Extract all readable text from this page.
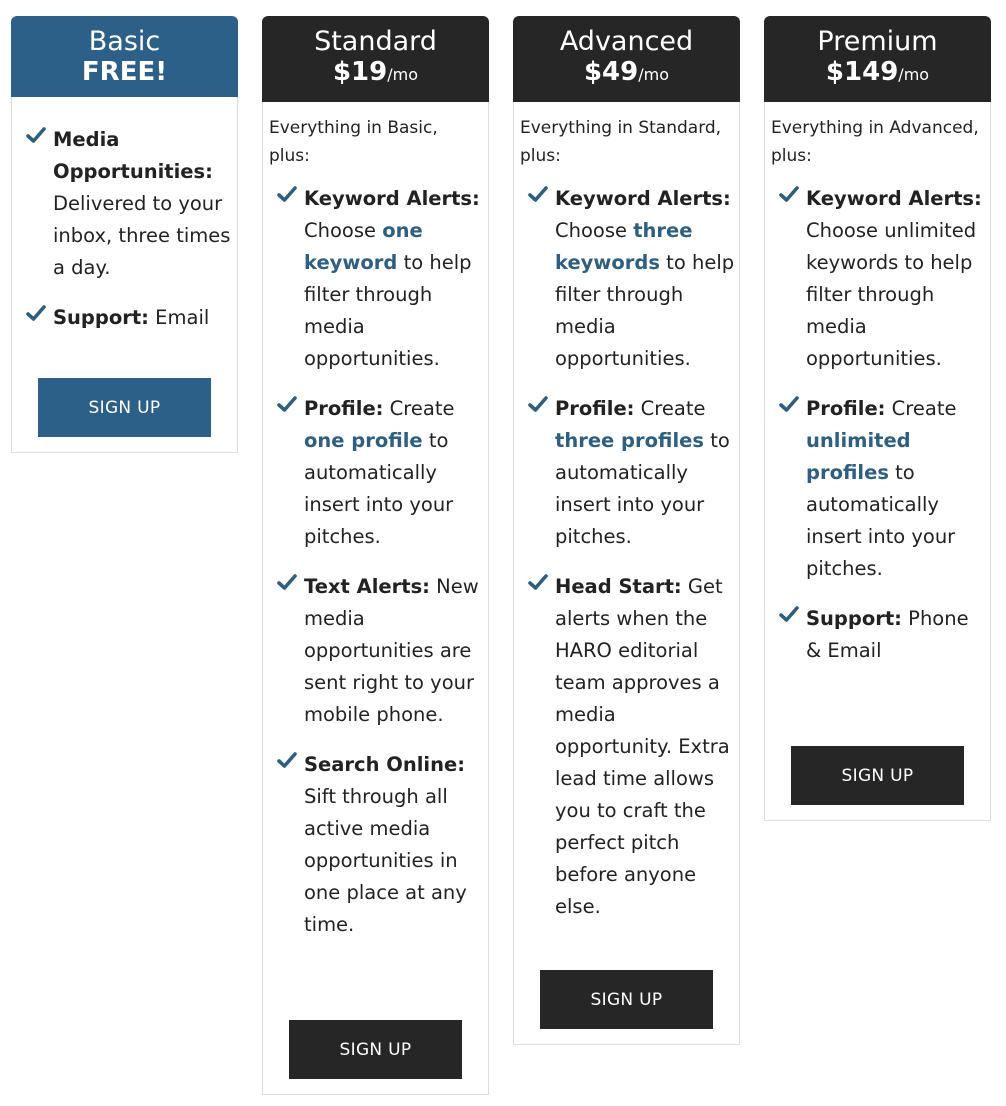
Basic
FREE!
Media Opportunities: Delivered to your inbox, three times a day.
Support: Email
SIGN UP
Standard
$19/mo
Everything in Basic, plus:
Keyword Alerts: Choose one keyword to help filter through media opportunities.
Profile: Create one profile to automatically insert into your pitches.
Text Alerts: New media opportunities are sent right to your mobile phone.
Search Online: Sift through all active media opportunities in one place at any time.
SIGN UP
Advanced
$49/mo
Everything in Standard, plus:
Keyword Alerts: Choose three keywords to help filter through media opportunities.
Profile: Create three profiles to automatically insert into your pitches.
Head Start: Get alerts when the HARO editorial team approves a media opportunity. Extra lead time allows you to craft the perfect pitch before anyone else.
SIGN UP
Premium
$149/mo
Everything in Advanced, plus:
Keyword Alerts: Choose unlimited keywords to help filter through media opportunities.
Profile: Create unlimited profiles to automatically insert into your pitches.
Support: Phone & Email
SIGN UP
